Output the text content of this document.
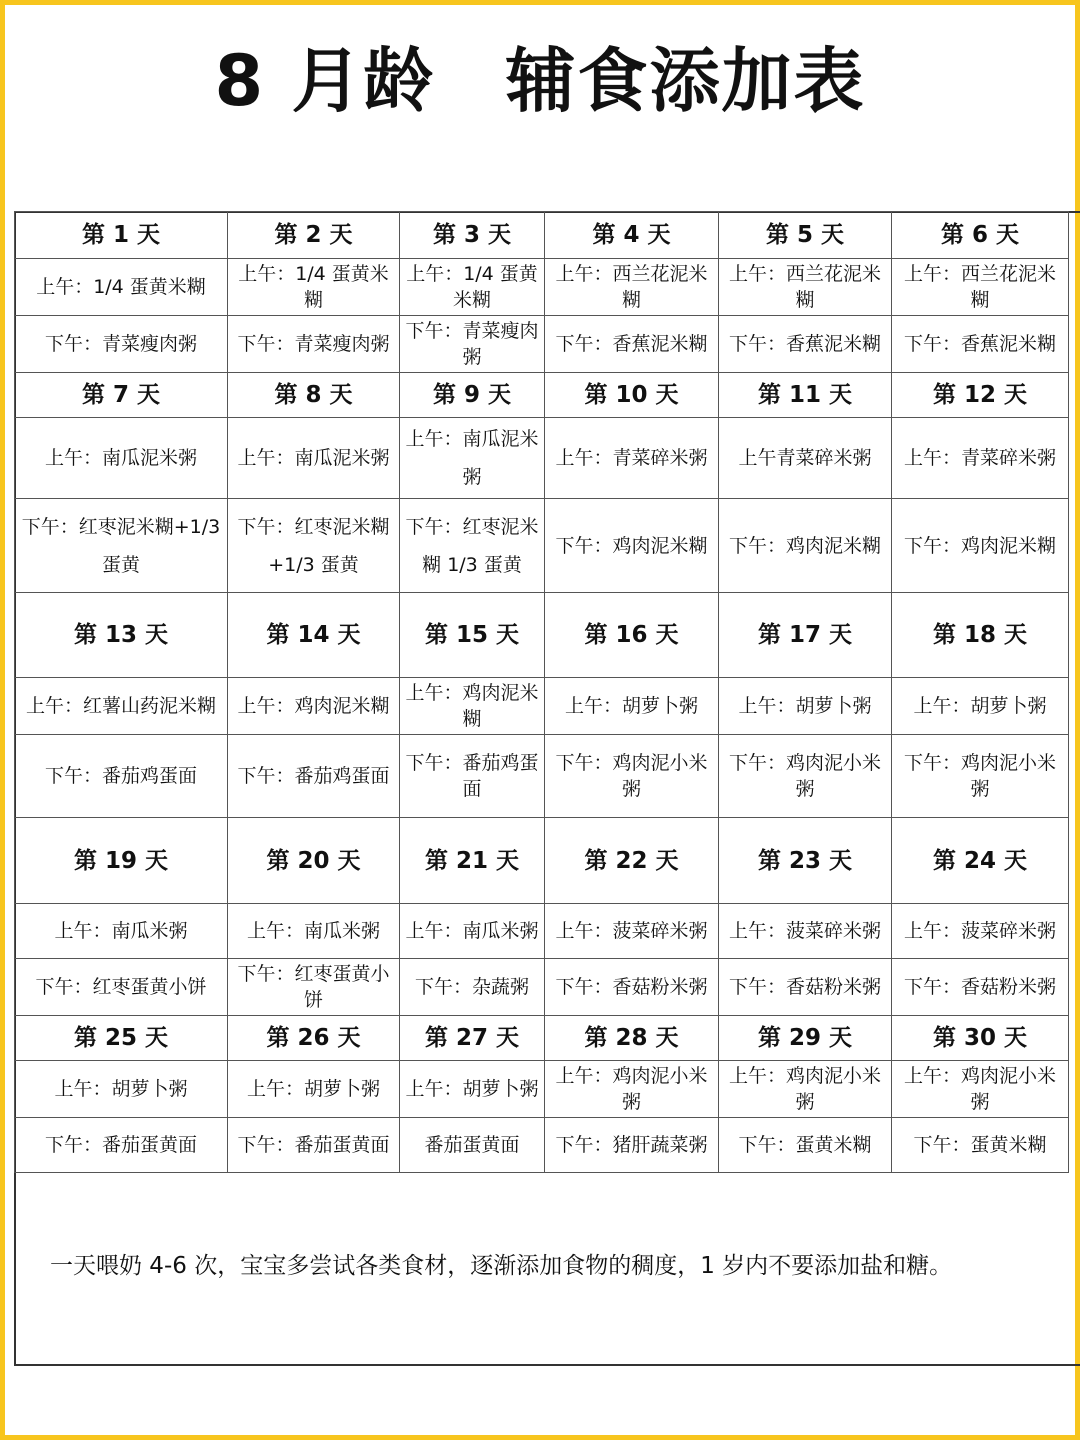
8 月龄 辅食添加表
第 1 天	第 2 天	第 3 天	第 4 天	第 5 天	第 6 天
上午：1/4 蛋黄米糊	上午：1/4 蛋黄米糊	上午：1/4 蛋黄米糊	上午：西兰花泥米糊	上午：西兰花泥米糊	上午：西兰花泥米糊
下午：青菜瘦肉粥	下午：青菜瘦肉粥	下午：青菜瘦肉粥	下午：香蕉泥米糊	下午：香蕉泥米糊	下午：香蕉泥米糊
第 7 天	第 8 天	第 9 天	第 10 天	第 11 天	第 12 天
上午：南瓜泥米粥	上午：南瓜泥米粥	上午：南瓜泥米粥	上午：青菜碎米粥	上午青菜碎米粥	上午：青菜碎米粥
下午：红枣泥米糊+1/3 蛋黄	下午：红枣泥米糊+1/3 蛋黄	下午：红枣泥米糊 1/3 蛋黄	下午：鸡肉泥米糊	下午：鸡肉泥米糊	下午：鸡肉泥米糊
第 13 天	第 14 天	第 15 天	第 16 天	第 17 天	第 18 天
上午：红薯山药泥米糊	上午：鸡肉泥米糊	上午：鸡肉泥米糊	上午：胡萝卜粥	上午：胡萝卜粥	上午：胡萝卜粥
下午：番茄鸡蛋面	下午：番茄鸡蛋面	下午：番茄鸡蛋面	下午：鸡肉泥小米粥	下午：鸡肉泥小米粥	下午：鸡肉泥小米粥
第 19 天	第 20 天	第 21 天	第 22 天	第 23 天	第 24 天
上午：南瓜米粥	上午：南瓜米粥	上午：南瓜米粥	上午：菠菜碎米粥	上午：菠菜碎米粥	上午：菠菜碎米粥
下午：红枣蛋黄小饼	下午：红枣蛋黄小饼	下午：杂蔬粥	下午：香菇粉米粥	下午：香菇粉米粥	下午：香菇粉米粥
第 25 天	第 26 天	第 27 天	第 28 天	第 29 天	第 30 天
上午：胡萝卜粥	上午：胡萝卜粥	上午：胡萝卜粥	上午：鸡肉泥小米粥	上午：鸡肉泥小米粥	上午：鸡肉泥小米粥
下午：番茄蛋黄面	下午：番茄蛋黄面	番茄蛋黄面	下午：猪肝蔬菜粥	下午：蛋黄米糊	下午：蛋黄米糊
一天喂奶 4-6 次，宝宝多尝试各类食材，逐渐添加食物的稠度，1 岁内不要添加盐和糖。
